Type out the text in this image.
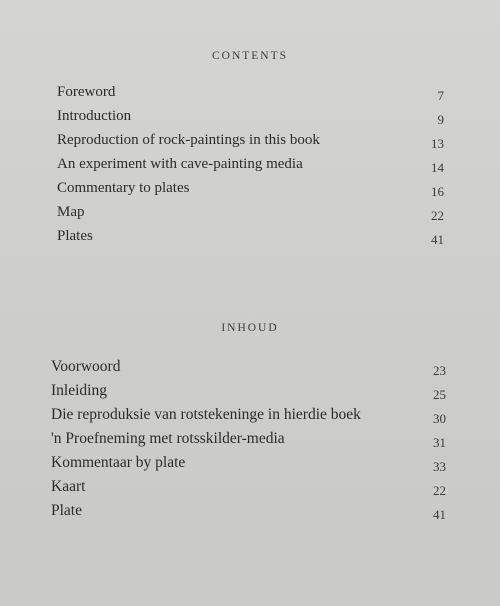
CONTENTS
Foreword	7
Introduction	9
Reproduction of rock-paintings in this book	13
An experiment with cave-painting media	14
Commentary to plates	16
Map	22
Plates	41
INHOUD
Voorwoord	23
Inleiding	25
Die reproduksie van rotstekeninge in hierdie boek	30
'n Proefneming met rotsskilder-media	31
Kommentaar by plate	33
Kaart	22
Plate	41
